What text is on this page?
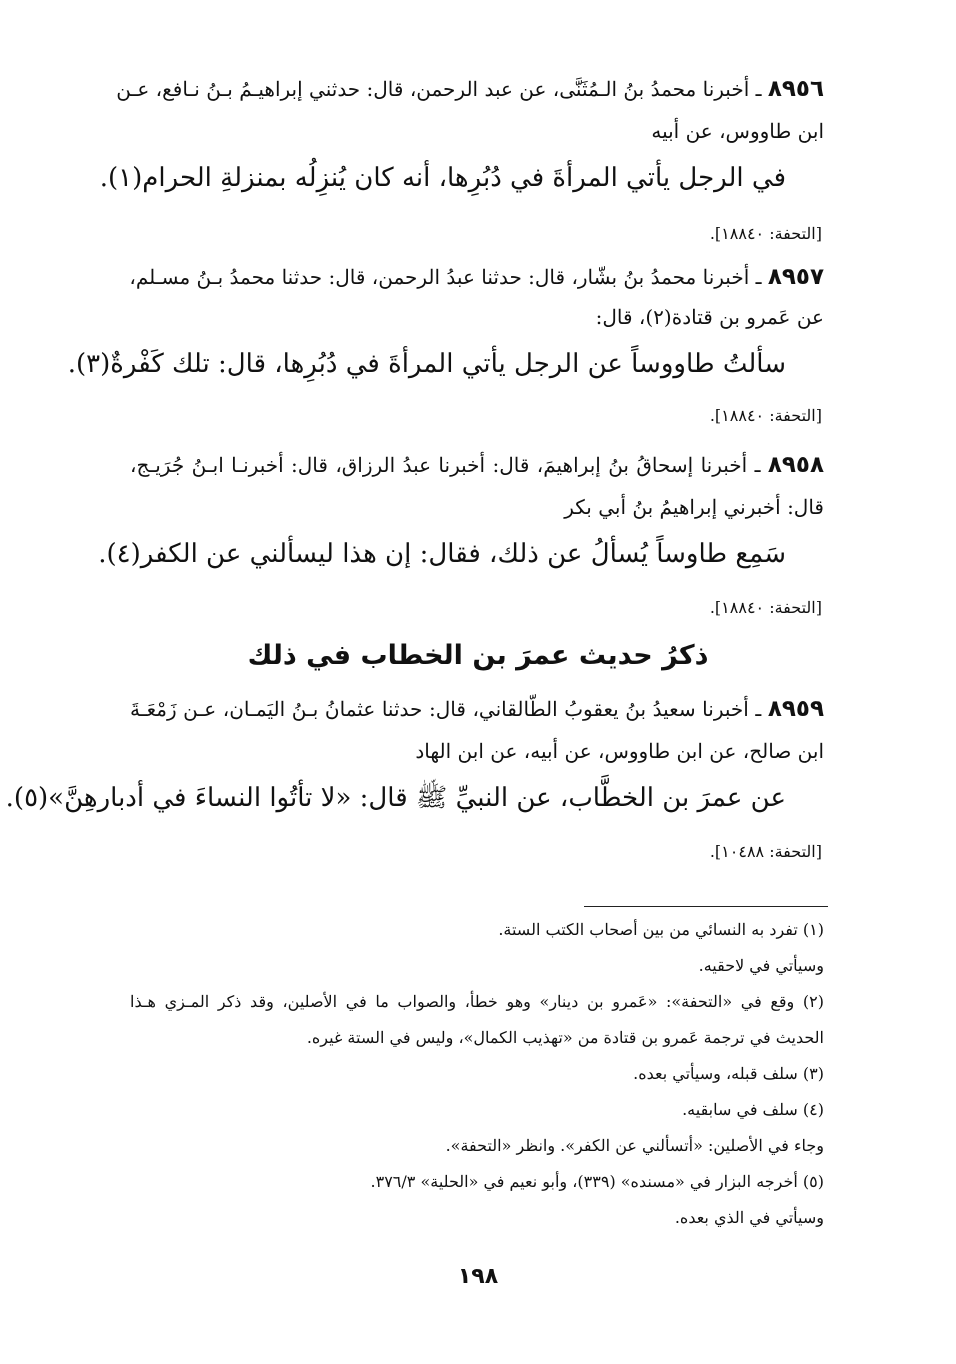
٨٩٥٦ ـ أخبرنا محمدُ بنُ الـمُثَنَّى، عن عبد الرحمن، قال: حدثني إبراهيـمُ بـنُ نـافع، عـن
ابن طاووس، عن أبيه
في الرجل يأتي المرأةَ في دُبُرِها، أنه كان يُنزِلُه بمنزلةِ الحرام(١).
[التحفة: ١٨٨٤٠].
٨٩٥٧ ـ أخبرنا محمدُ بنُ بشّار، قال: حدثنا عبدُ الرحمن، قال: حدثنا محمدُ بـنُ مسـلم،
عن عَمرو بن قتادة(٢)، قال:
سألتُ طاووساً عن الرجل يأتي المرأةَ في دُبُرِها، قال: تلك كَفْرةٌ(٣).
[التحفة: ١٨٨٤٠].
٨٩٥٨ ـ أخبرنا إسحاقُ بنُ إبراهيمَ، قال: أخبرنا عبدُ الرزاق، قال: أخبرنـا ابـنُ جُرَيـج،
قال: أخبرني إبراهيمُ بنُ أبي بكر
سَمِع طاوساً يُسألُ عن ذلك، فقال: إن هذا ليسألني عن الكفر(٤).
[التحفة: ١٨٨٤٠].
ذكرُ حديث عمرَ بن الخطاب في ذلك
٨٩٥٩ ـ أخبرنا سعيدُ بنُ يعقوبُ الطّالقاني، قال: حدثنا عثمانُ بـنُ اليَمـان، عـن زَمْعَـةَ
ابن صالح، عن ابن طاووس، عن أبيه، عن ابن الهاد
عن عمرَ بن الخطَّاب، عن النبيِّ ﷺ قال: «لا تأتُوا النساءَ في أدبارهِنَّ»(٥).
[التحفة: ١٠٤٨٨].
(١) تفرد به النسائي من بين أصحاب الكتب الستة.
وسيأتي في لاحقيه.
(٢) وقع في «التحفة»: «عَمرو بن دينار» وهو خطأ، والصواب ما في الأصلين، وقد ذكر المـزي هـذا
الحديث في ترجمة عَمرو بن قتادة من «تهذيب الكمال»، وليس في الستة غيره.
(٣) سلف قبله، وسيأتي بعده.
(٤) سلف في سابقيه.
وجاء في الأصلين: «أتسألني عن الكفر». وانظر «التحفة».
(٥) أخرجه البزار في «مسنده» (٣٣٩)، وأبو نعيم في «الحلية» ٣٧٦/٣.
وسيأتي في الذي بعده.
١٩٨
